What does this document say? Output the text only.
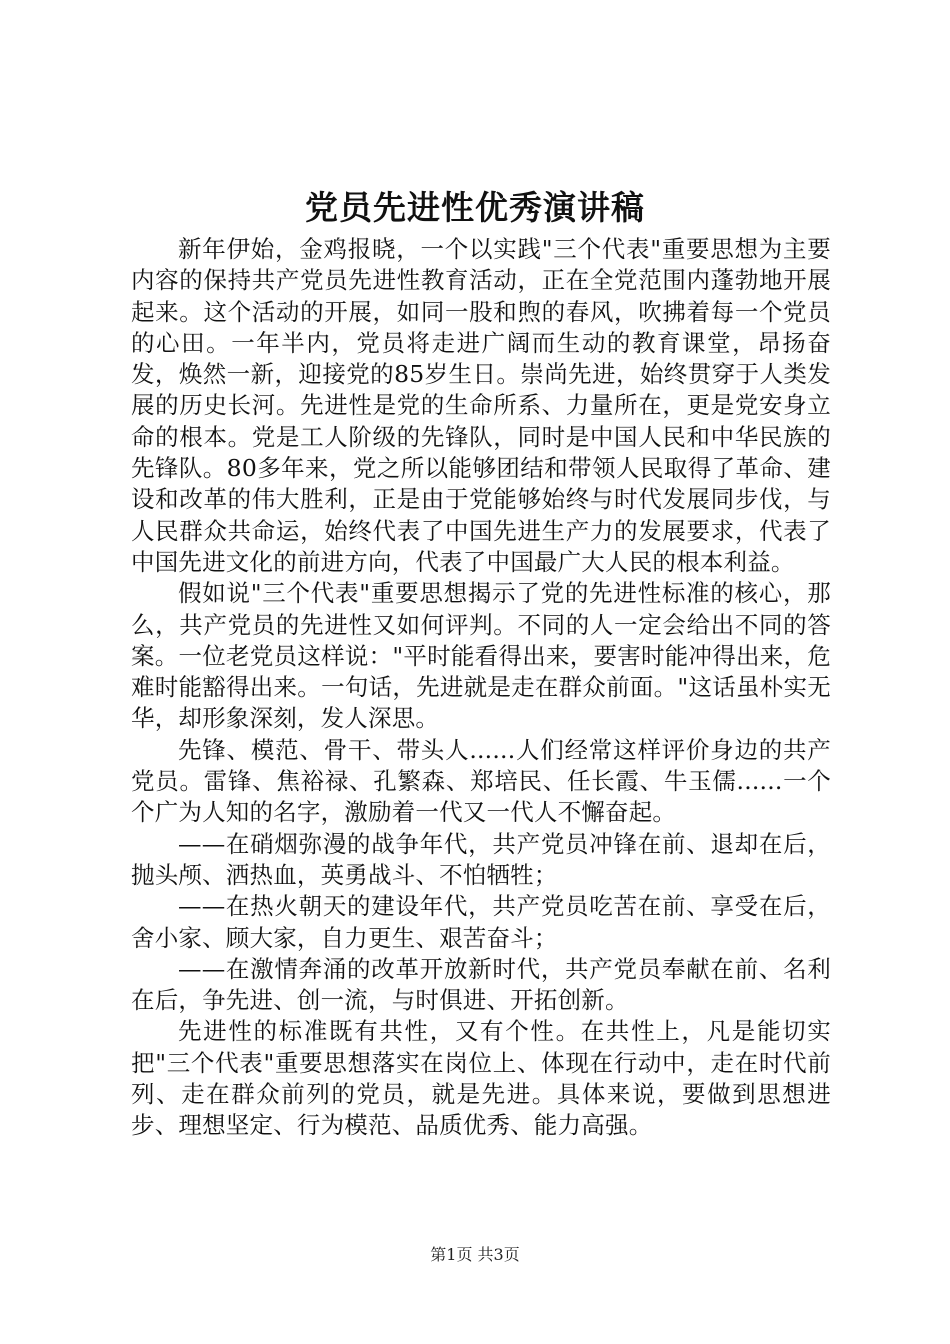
党员先进性优秀演讲稿

新年伊始，金鸡报晓，一个以实践"三个代表"重要思想为主要内容的保持共产党员先进性教育活动，正在全党范围内蓬勃地开展起来。这个活动的开展，如同一股和煦的春风，吹拂着每一个党员的心田。一年半内，党员将走进广阔而生动的教育课堂，昂扬奋发，焕然一新，迎接党的85岁生日。崇尚先进，始终贯穿于人类发展的历史长河。先进性是党的生命所系、力量所在，更是党安身立命的根本。党是工人阶级的先锋队，同时是中国人民和中华民族的先锋队。80多年来，党之所以能够团结和带领人民取得了革命、建设和改革的伟大胜利，正是由于党能够始终与时代发展同步伐，与人民群众共命运，始终代表了中国先进生产力的发展要求，代表了中国先进文化的前进方向，代表了中国最广大人民的根本利益。

假如说"三个代表"重要思想揭示了党的先进性标准的核心，那么，共产党员的先进性又如何评判。不同的人一定会给出不同的答案。一位老党员这样说："平时能看得出来，要害时能冲得出来，危难时能豁得出来。一句话，先进就是走在群众前面。"这话虽朴实无华，却形象深刻，发人深思。

先锋、模范、骨干、带头人......人们经常这样评价身边的共产党员。雷锋、焦裕禄、孔繁森、郑培民、任长霞、牛玉儒......一个个广为人知的名字，激励着一代又一代人不懈奋起。

——在硝烟弥漫的战争年代，共产党员冲锋在前、退却在后，抛头颅、洒热血，英勇战斗、不怕牺牲；

——在热火朝天的建设年代，共产党员吃苦在前、享受在后，舍小家、顾大家，自力更生、艰苦奋斗；

——在激情奔涌的改革开放新时代，共产党员奉献在前、名利在后，争先进、创一流，与时俱进、开拓创新。

先进性的标准既有共性，又有个性。在共性上，凡是能切实把"三个代表"重要思想落实在岗位上、体现在行动中，走在时代前列、走在群众前列的党员，就是先进。具体来说，要做到思想进步、理想坚定、行为模范、品质优秀、能力高强。

第1页 共3页
